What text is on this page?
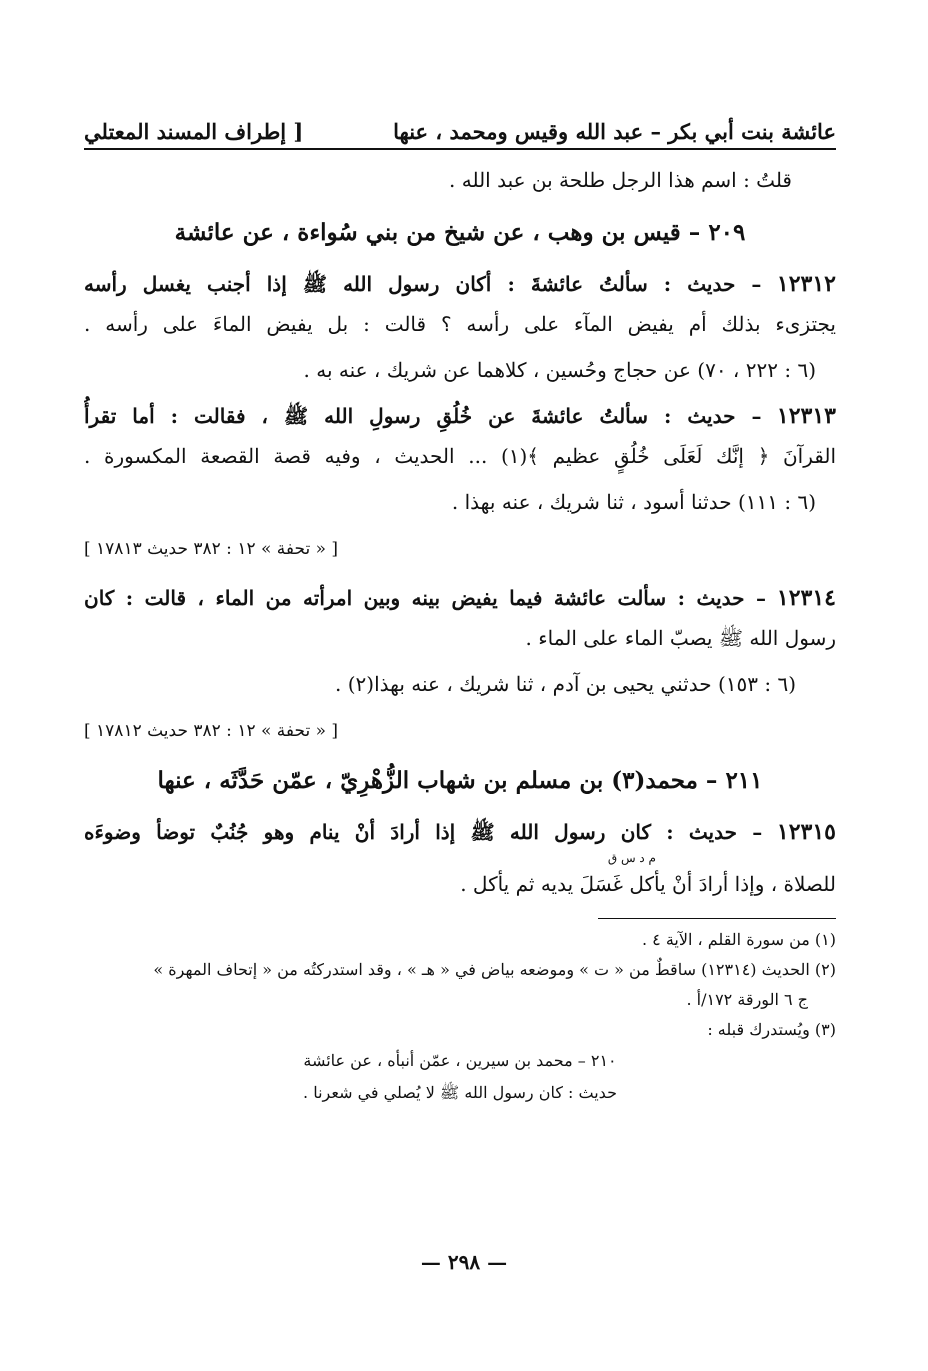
عائشة بنت أبي بكر – عبد الله وقيس ومحمد ، عنها
[ إطراف المسند المعتلي
قلتُ : اسم هذا الرجل طلحة بن عبد الله .
٢٠٩ – قيس بن وهب ، عن شيخ من بني سُواءة ، عن عائشة
١٢٣١٢ – حديث : سألتُ عائشةَ : أكان رسول الله ﷺ إذا أجنب يغسل رأسه
يجتزىء بذلك أم يفيض المآء على رأسه ؟ قالت : بل يفيض الماءَ على رأسه .
(٦ : ٢٢٢ ، ٧٠) عن حجاج وحُسين ، كلاهما عن شريك ، عنه به .
١٢٣١٣ – حديث : سألتُ عائشةَ عن خُلُقِ رسولِ الله ﷺ ، فقالت : أما تقرأُ
القرآنَ ﴿ إنَّك لَعَلَى خُلُقٍ عظيم ﴾(١) ... الحديث ، وفيه قصة القصعة المكسورة .
(٦ : ١١١) حدثنا أسود ، ثنا شريك ، عنه بهذا .
[ « تحفة » ١٢ : ٣٨٢ حديث ١٧٨١٣ ]
١٢٣١٤ – حديث : سألت عائشة فيما يفيض بينه وبين امرأته من الماء ، قالت : كان
رسول الله ﷺ يصبّ الماء على الماء .
(٦ : ١٥٣) حدثني يحيى بن آدم ، ثنا شريك ، عنه بهذا(٢) .
[ « تحفة » ١٢ : ٣٨٢ حديث ١٧٨١٢ ]
٢١١ – محمد(٣) بن مسلم بن شهاب الزُّهْرِيّ ، عمّن حَدَّثَه ، عنها
١٢٣١٥ – حديث : كان رسول الله ﷺ إذا أرادَ أنْ ينام وهو جُنُبٌ توضأ وضوءَه
م د س ق
للصلاة ، وإذا أرادَ أنْ يأكل غَسَلَ يديه ثم يأكل .
(١) من سورة القلم ، الآية ٤ .
(٢) الحديث (١٢٣١٤) ساقطٌ من « ت » وموضعه بياض في « هـ » ، وقد استدركتُه من « إتحاف المهرة »
ج ٦ الورقة ١٧٢/أ .
(٣) ويُستدرك قبله :
٢١٠ – محمد بن سيرين ، عمّن أنبأه ، عن عائشة
حديث : كان رسول الله ﷺ لا يُصلي في شعرنا .
— ٢٩٨ —
